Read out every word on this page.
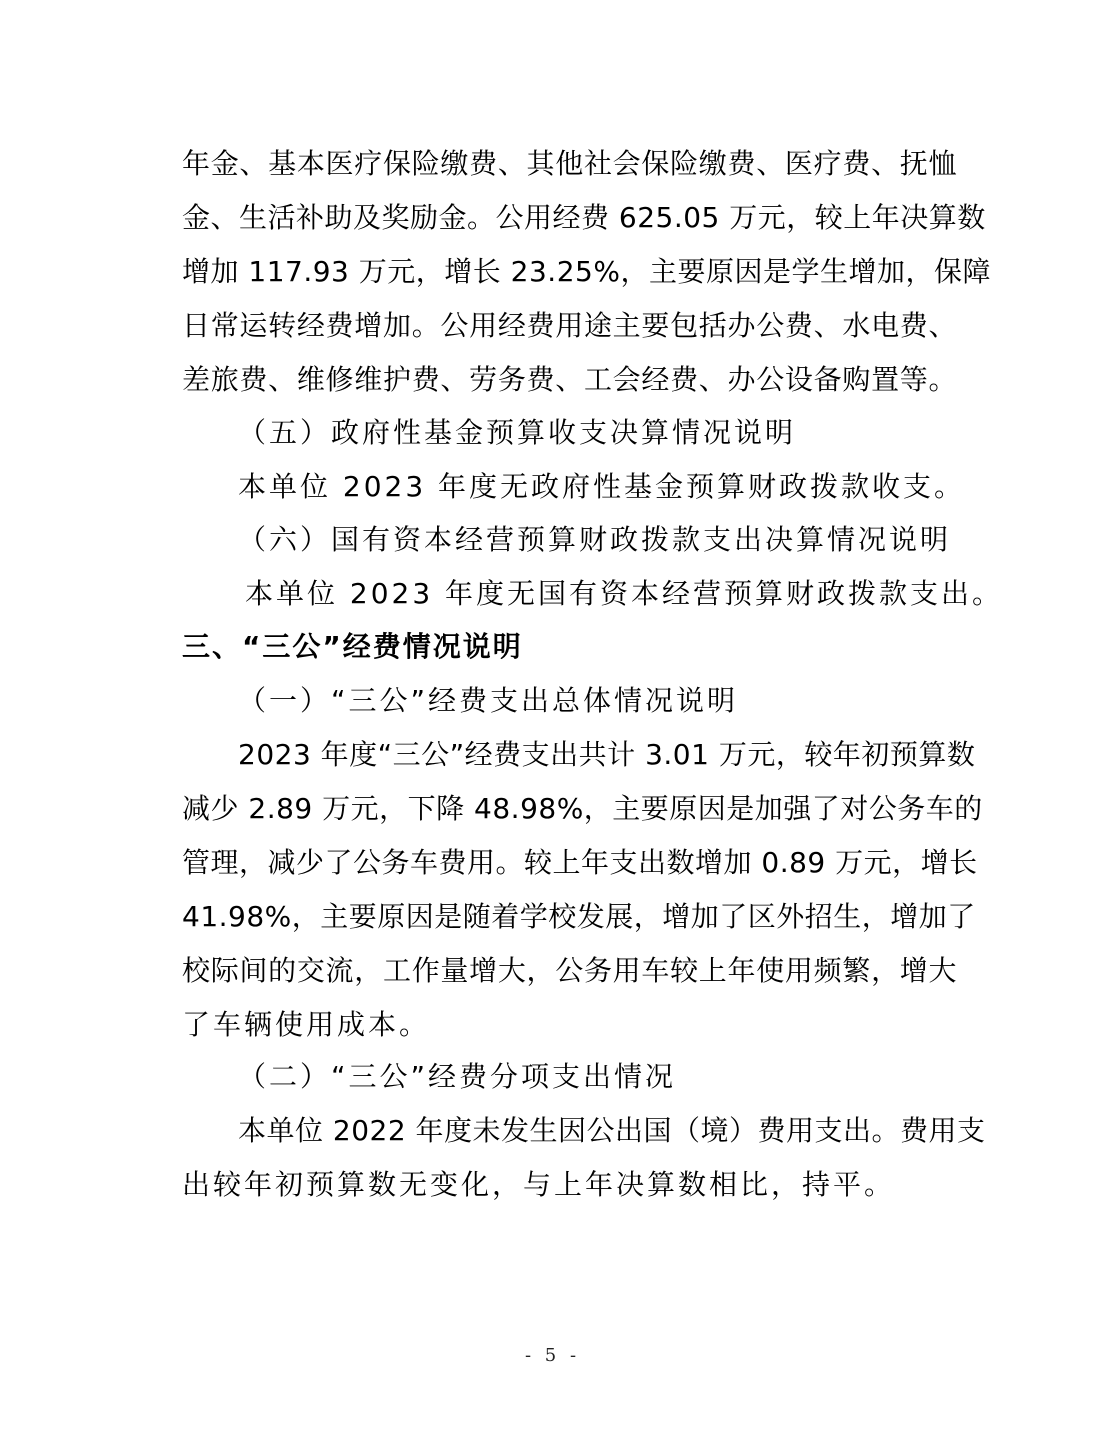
年金、基本医疗保险缴费、其他社会保险缴费、医疗费、抚恤
金、生活补助及奖励金。公用经费 625.05 万元，较上年决算数
增加 117.93 万元，增长 23.25%，主要原因是学生增加，保障
日常运转经费增加。公用经费用途主要包括办公费、水电费、
差旅费、维修维护费、劳务费、工会经费、办公设备购置等。
（五）政府性基金预算收支决算情况说明
本单位 2023 年度无政府性基金预算财政拨款收支。
（六）国有资本经营预算财政拨款支出决算情况说明
本单位 2023 年度无国有资本经营预算财政拨款支出。
三、“三公”经费情况说明
（一）“三公”经费支出总体情况说明
2023 年度“三公”经费支出共计 3.01 万元，较年初预算数
减少 2.89 万元，下降 48.98%，主要原因是加强了对公务车的
管理，减少了公务车费用。较上年支出数增加 0.89 万元，增长
41.98%，主要原因是随着学校发展，增加了区外招生，增加了
校际间的交流，工作量增大，公务用车较上年使用频繁，增大
了车辆使用成本。
（二）“三公”经费分项支出情况
本单位 2022 年度未发生因公出国（境）费用支出。费用支
出较年初预算数无变化，与上年决算数相比，持平。
- 5 -
